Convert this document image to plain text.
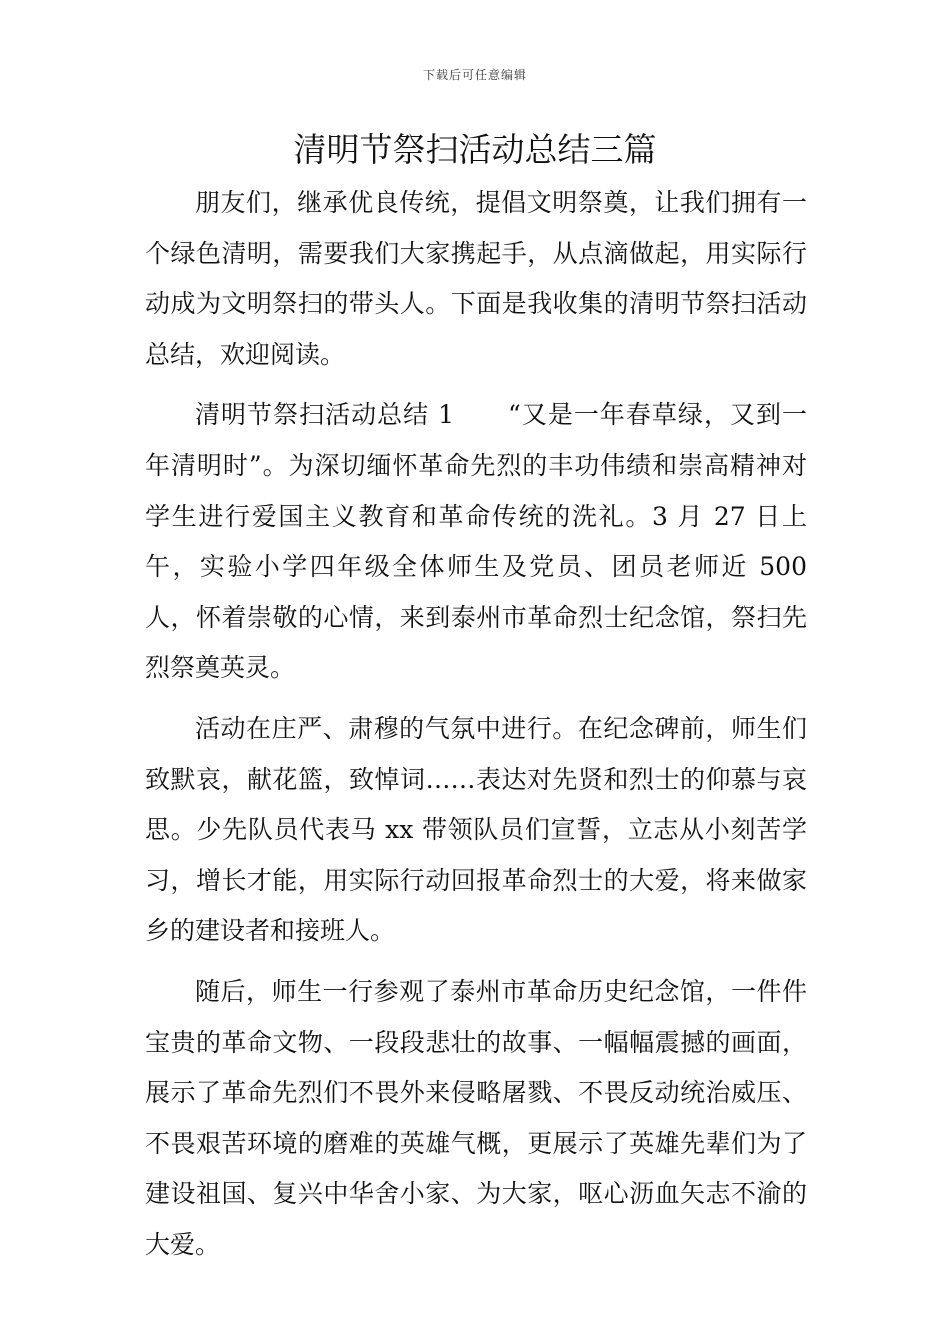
下载后可任意编辑
清明节祭扫活动总结三篇

朋友们，继承优良传统，提倡文明祭奠，让我们拥有一个绿色清明，需要我们大家携起手，从点滴做起，用实际行动成为文明祭扫的带头人。下面是我收集的清明节祭扫活动总结，欢迎阅读。

清明节祭扫活动总结 1 “又是一年春草绿，又到一年清明时”。为深切缅怀革命先烈的丰功伟绩和崇高精神对学生进行爱国主义教育和革命传统的洗礼。3 月 27 日上午，实验小学四年级全体师生及党员、团员老师近 500 人，怀着崇敬的心情，来到泰州市革命烈士纪念馆，祭扫先烈祭奠英灵。

活动在庄严、肃穆的气氛中进行。在纪念碑前，师生们致默哀，献花篮，致悼词……表达对先贤和烈士的仰慕与哀思。少先队员代表马 xx 带领队员们宣誓，立志从小刻苦学习，增长才能，用实际行动回报革命烈士的大爱，将来做家乡的建设者和接班人。

随后，师生一行参观了泰州市革命历史纪念馆，一件件宝贵的革命文物、一段段悲壮的故事、一幅幅震撼的画面，展示了革命先烈们不畏外来侵略屠戮、不畏反动统治威压、不畏艰苦环境的磨难的英雄气概，更展示了英雄先辈们为了建设祖国、复兴中华舍小家、为大家，呕心沥血矢志不渝的大爱。
